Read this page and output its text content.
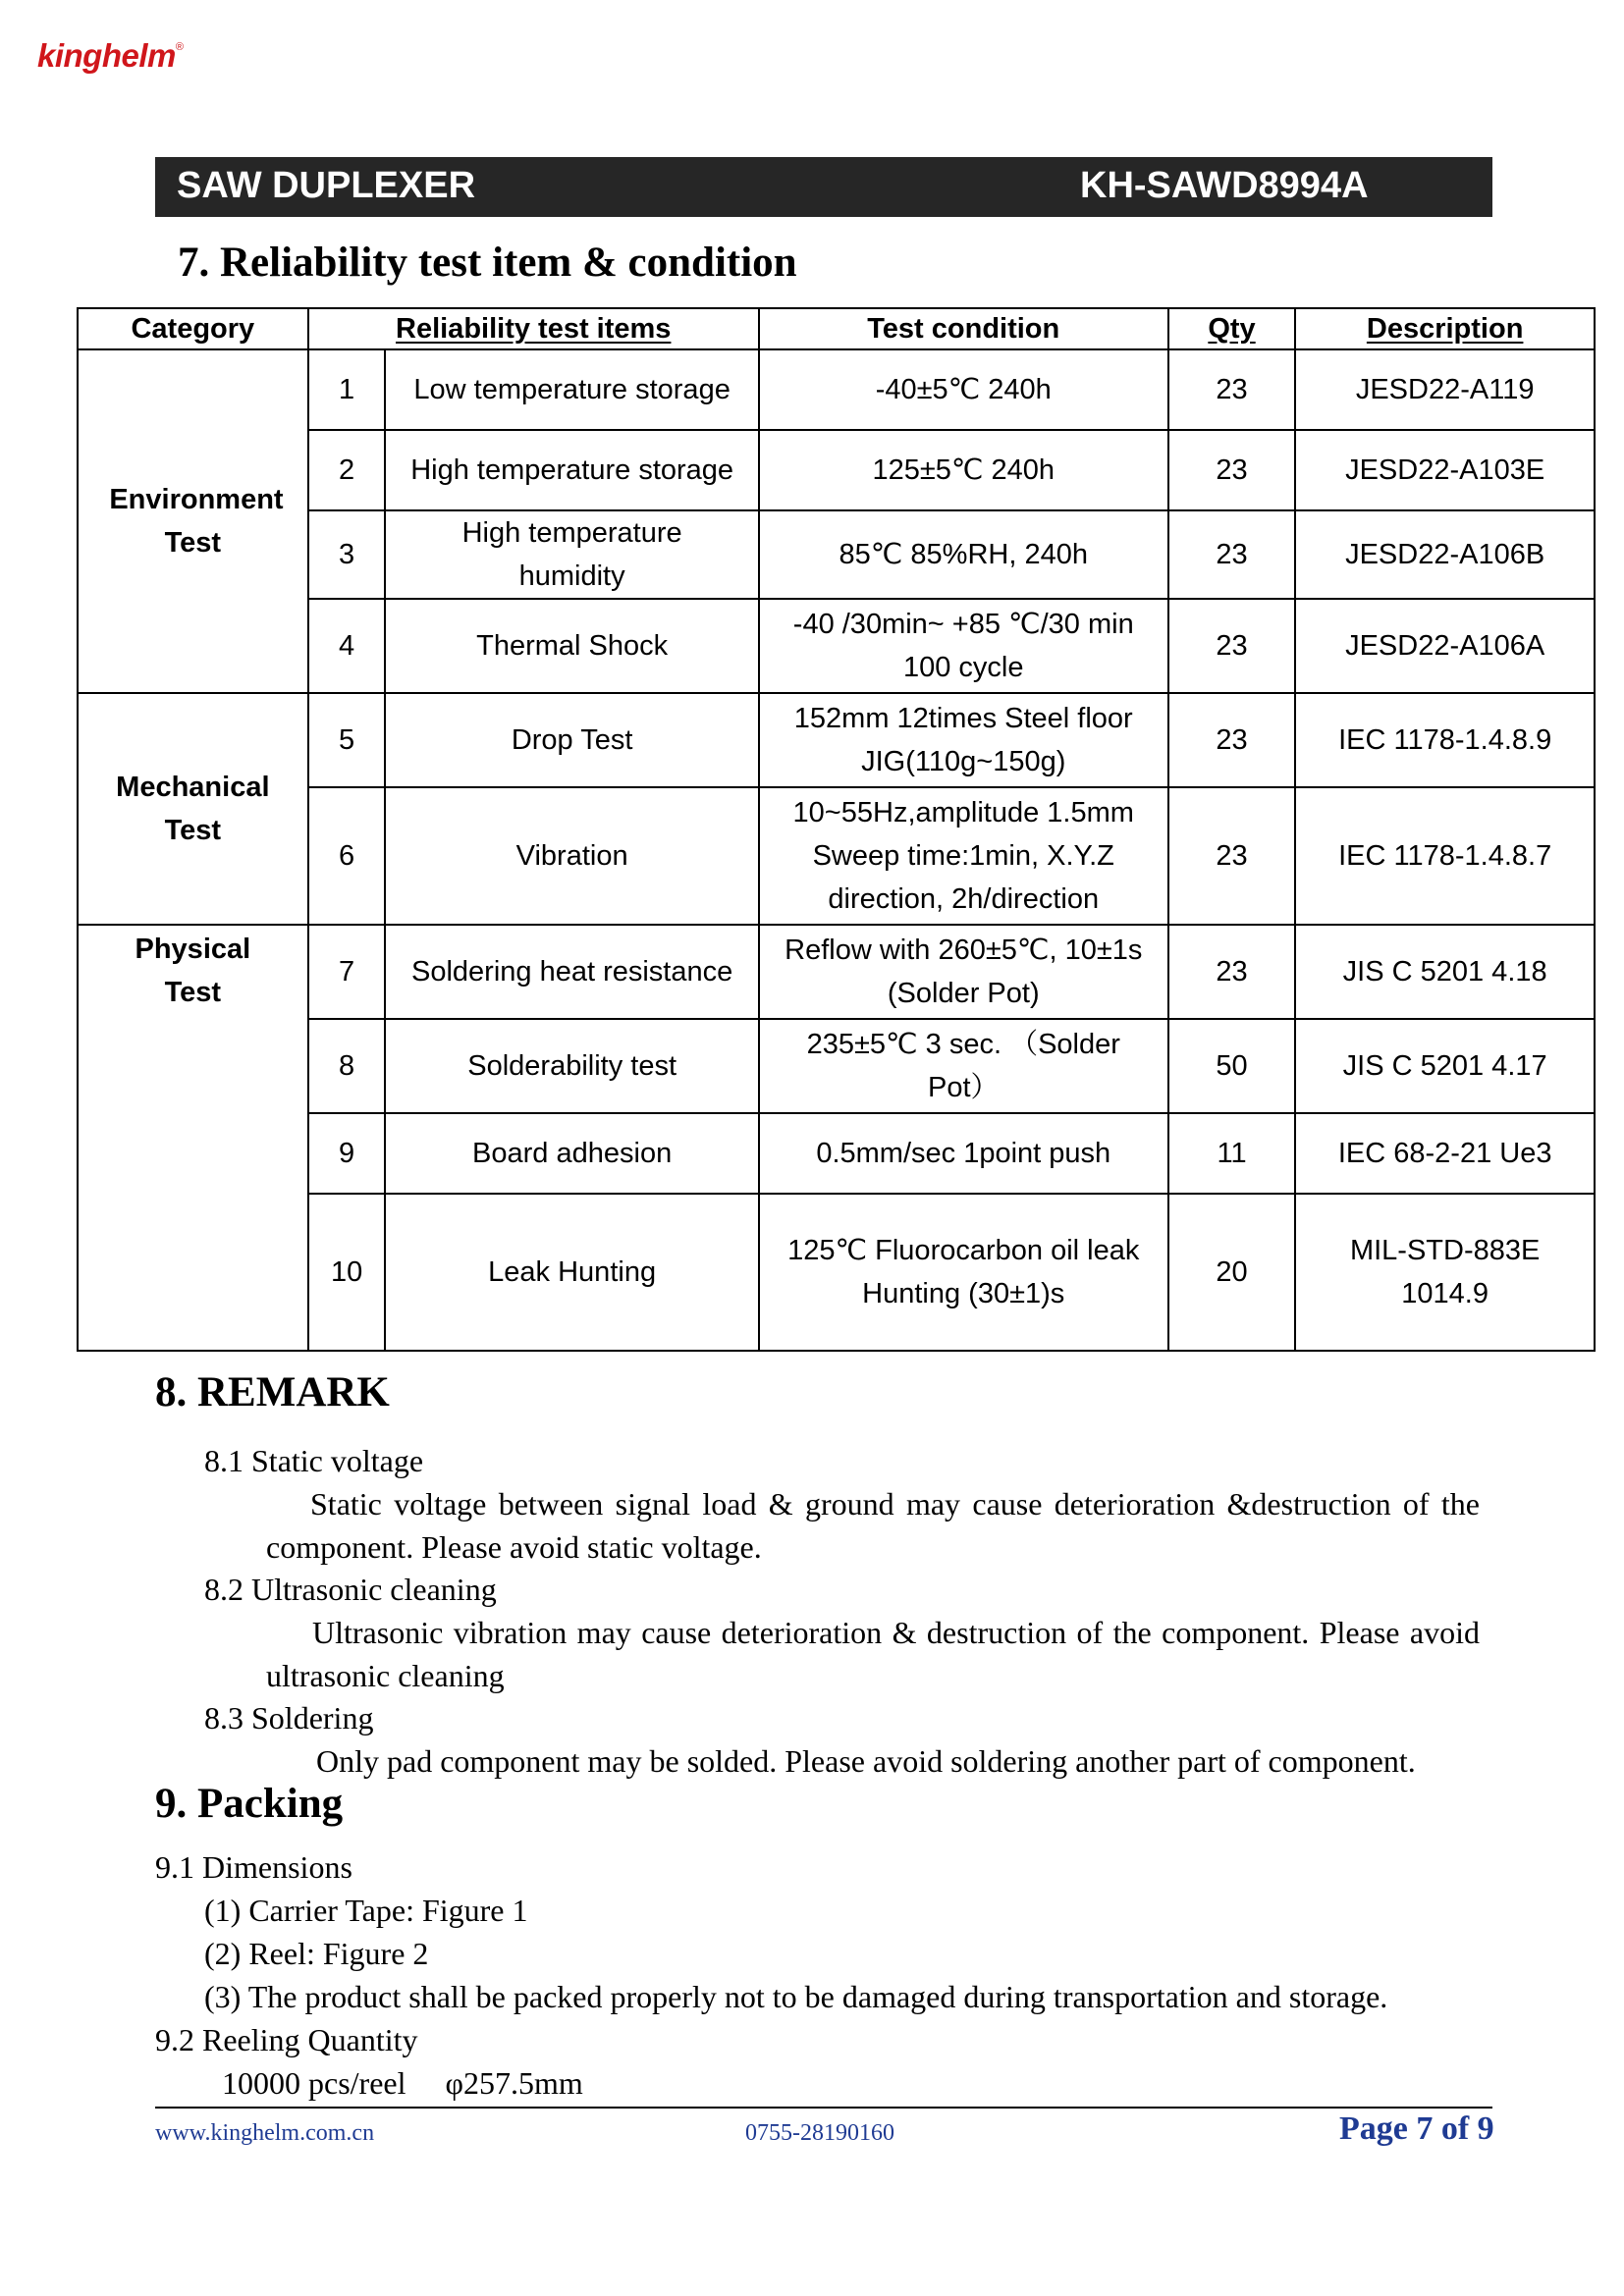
kinghelm®
SAW DUPLEXER	KH-SAWD8994A
7. Reliability test item & condition
Category	Reliability test items		Test condition	Qty	Description

Environment Test	1	Low temperature storage	-40±5℃ 240h	23	JESD22-A119
	2	High temperature storage	125±5℃ 240h	23	JESD22-A103E
	3	High temperature humidity	85℃ 85%RH, 240h	23	JESD22-A106B
	4	Thermal Shock	-40 /30min~ +85 ℃/30 min 100 cycle	23	JESD22-A106A

Mechanical Test	5	Drop Test	152mm 12times Steel floor JIG(110g~150g)	23	IEC 1178-1.4.8.9
	6	Vibration	10~55Hz,amplitude 1.5mm Sweep time:1min, X.Y.Z direction, 2h/direction	23	IEC 1178-1.4.8.7

Physical Test	7	Soldering heat resistance	Reflow with 260±5℃, 10±1s (Solder Pot)	23	JIS C 5201 4.18
	8	Solderability test	235±5℃ 3 sec. （Solder Pot）	50	JIS C 5201 4.17
	9	Board adhesion	0.5mm/sec 1point push	11	IEC 68-2-21 Ue3
	10	Leak Hunting	125℃ Fluorocarbon oil leak Hunting (30±1)s	20	MIL-STD-883E 1014.9
8. REMARK
8.1 Static voltage
Static voltage between signal load & ground may cause deterioration &destruction of the component. Please avoid static voltage.
8.2 Ultrasonic cleaning
Ultrasonic vibration may cause deterioration & destruction of the component. Please avoid ultrasonic cleaning
8.3 Soldering
Only pad component may be solded. Please avoid soldering another part of component.
9. Packing
9.1 Dimensions
(1) Carrier Tape: Figure 1
(2) Reel: Figure 2
(3) The product shall be packed properly not to be damaged during transportation and storage.
9.2 Reeling Quantity
10000 pcs/reel     φ257.5mm
www.kinghelm.com.cn	0755-28190160	Page 7 of 9
